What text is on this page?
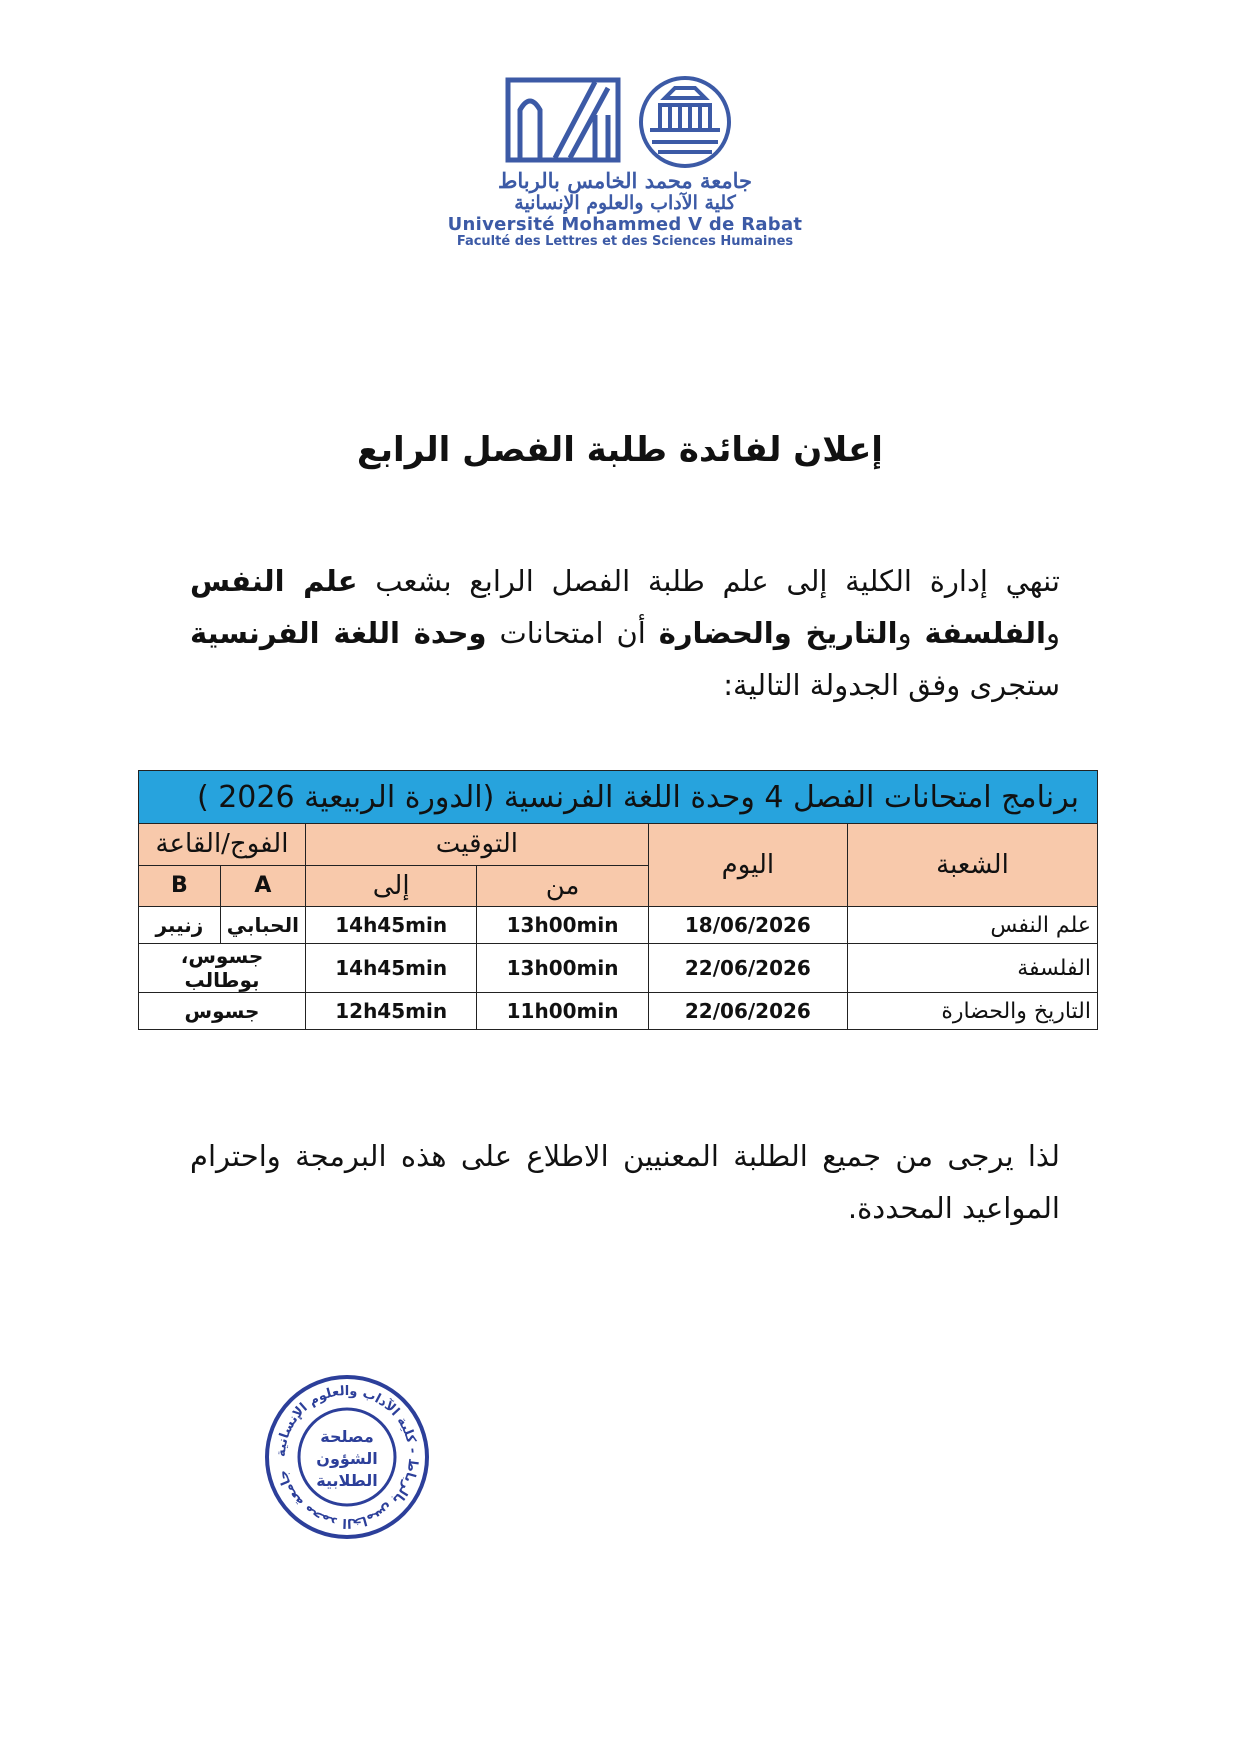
جامعة محمد الخامس بالرباط
كلية الآداب والعلوم الإنسانية
Université Mohammed V de Rabat
Faculté des Lettres et des Sciences Humaines
إعلان لفائدة طلبة الفصل الرابع
تنهي إدارة الكلية إلى علم طلبة الفصل الرابع بشعب علم النفس والفلسفة والتاريخ والحضارة أن امتحانات وحدة اللغة الفرنسية ستجرى وفق الجدولة التالية:
برنامج امتحانات الفصل 4 وحدة اللغة الفرنسية (الدورة الربيعية 2026 )					
الشعبة	اليوم	التوقيت		الفوج/القاعة	
		من	إلى	A	B
علم النفس	18/06/2026	13h00min	14h45min	الحبابي	زنيبر
الفلسفة	22/06/2026	13h00min	14h45min	جسوس، بوطالب	
التاريخ والحضارة	22/06/2026	11h00min	12h45min	جسوس	
لذا يرجى من جميع الطلبة المعنيين الاطلاع على هذه البرمجة واحترام المواعيد المحددة.
جامعة محمد الخامس بالرباط - كلية الآداب والعلوم الإنسانية
مصلحة
الشؤون
الطلابية
